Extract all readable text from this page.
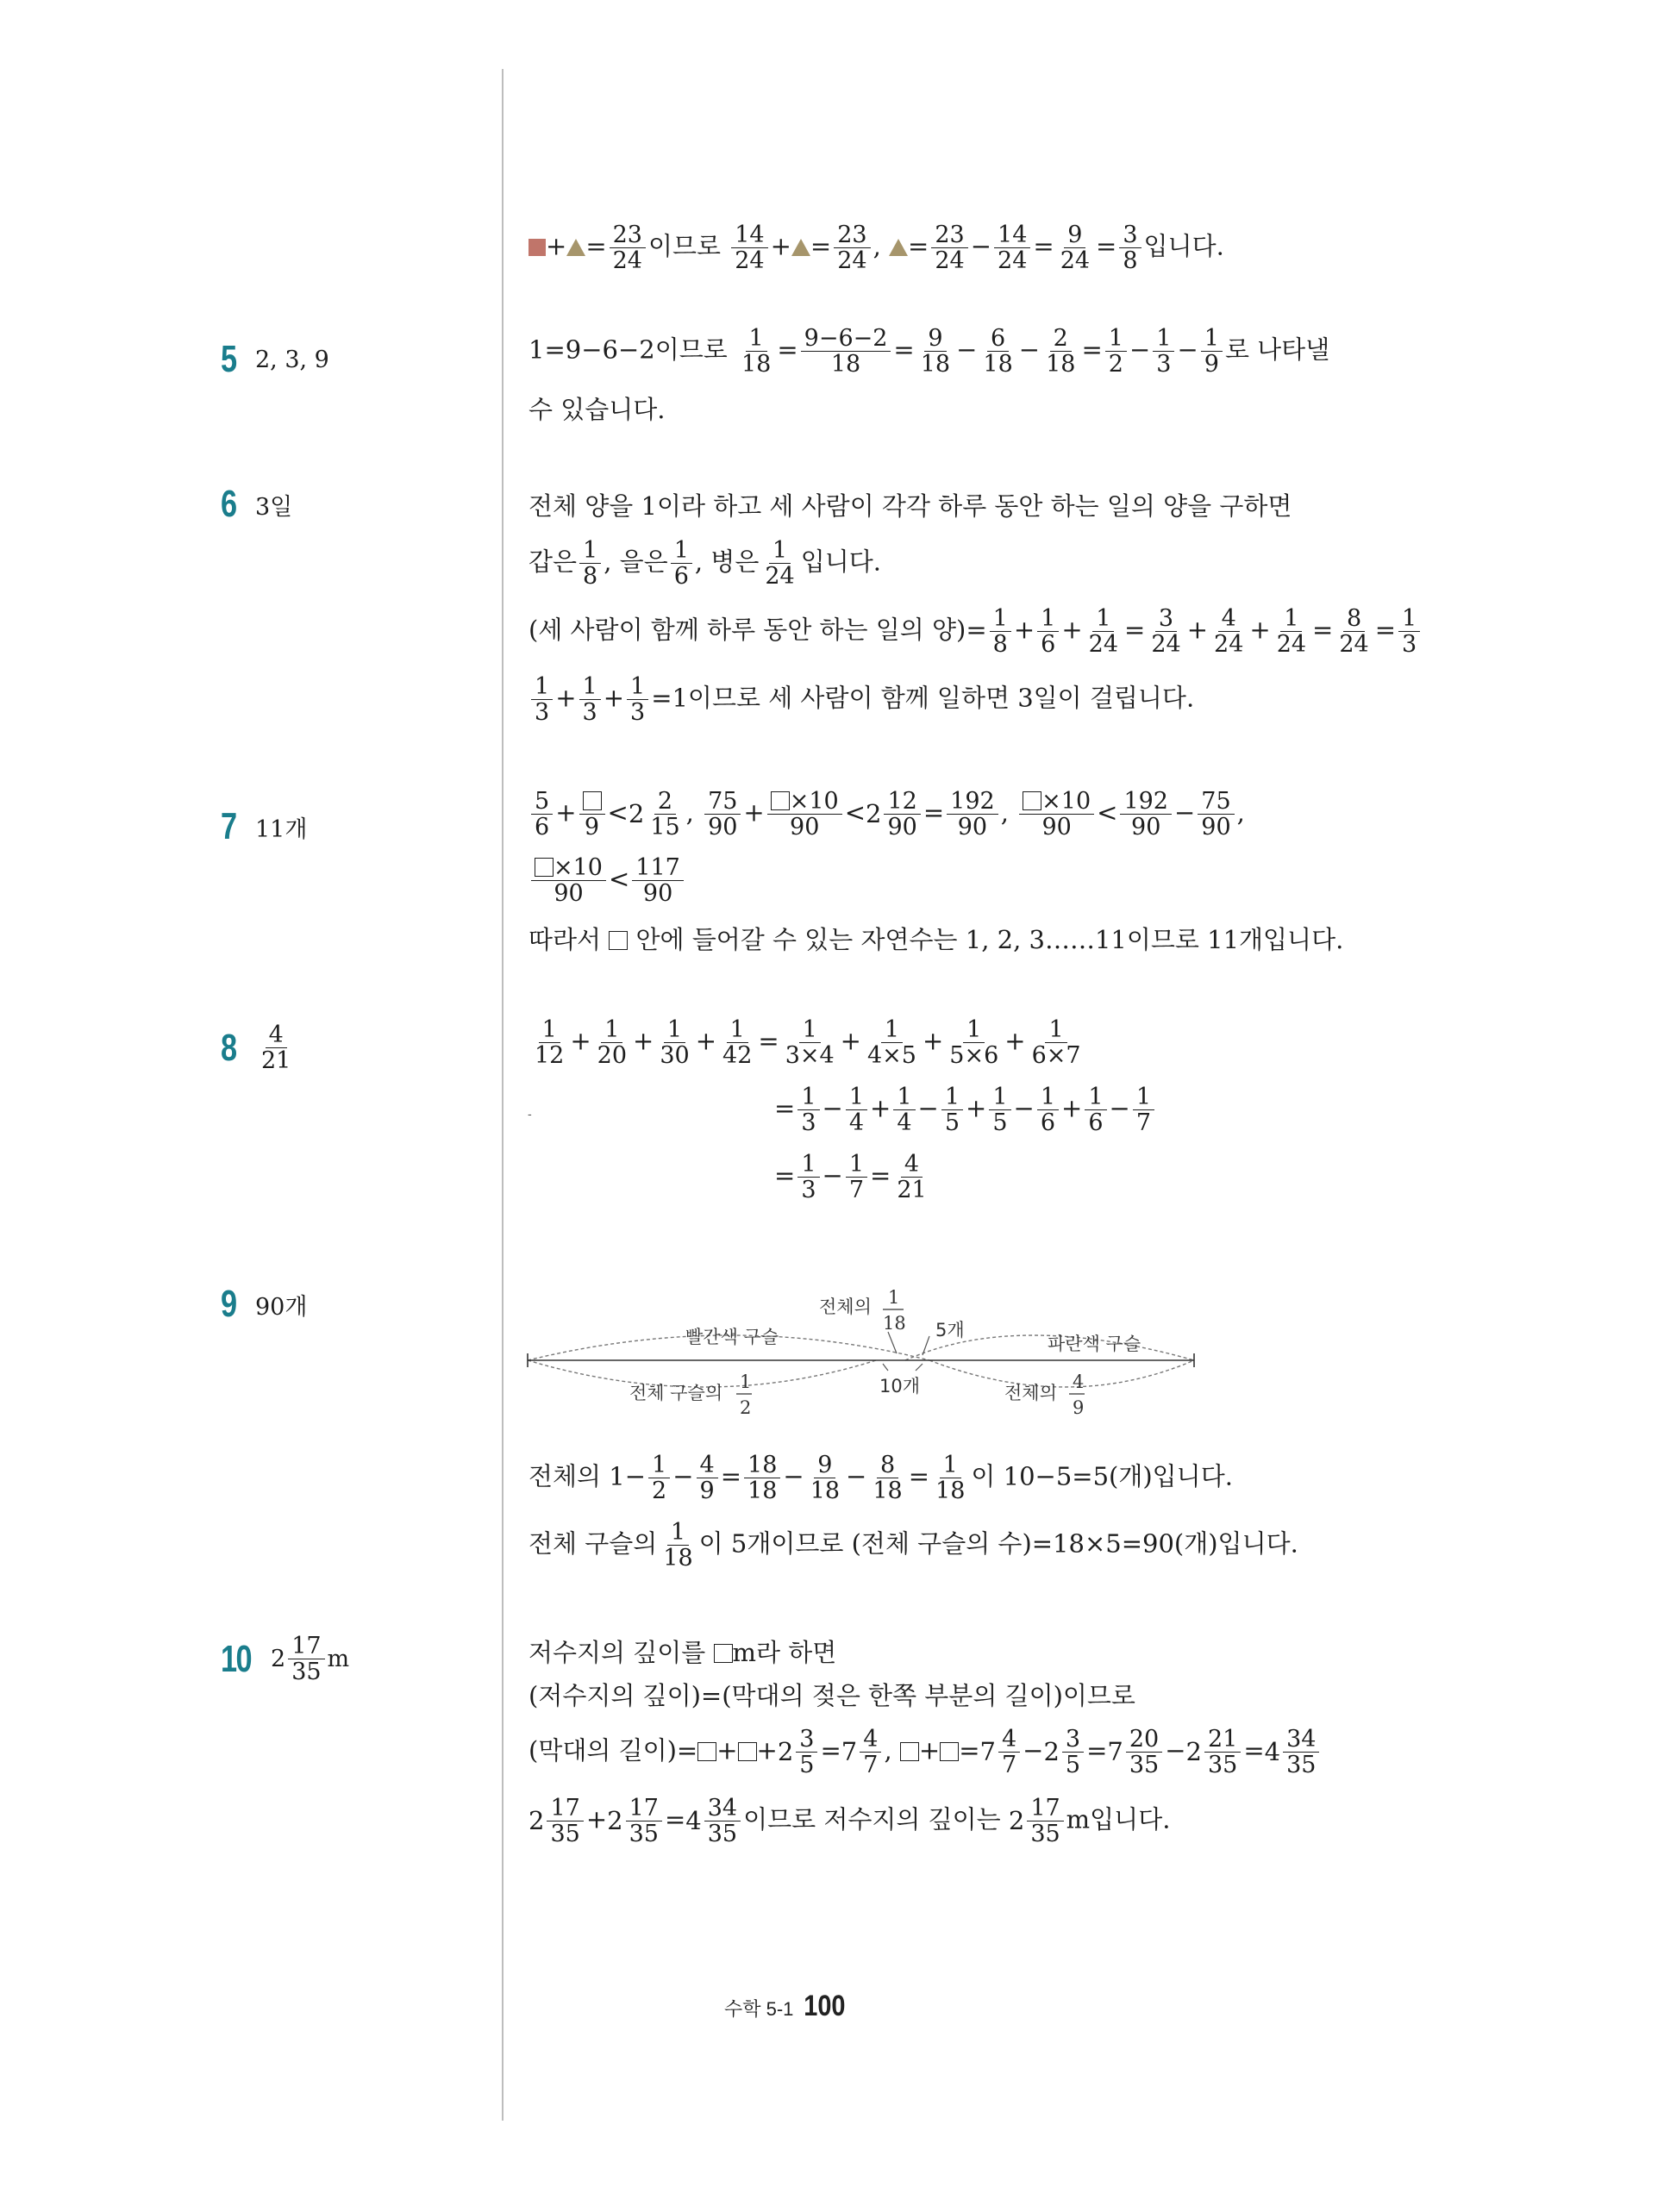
+ = $\frac{23}{24}$ 이므로 $\frac{14}{24}$ + = $\frac{23}{24}$ , = $\frac{23}{24} - \frac{14}{24} = \frac{9}{24} = \frac{3}{8}$ 입니다.
5 2, 3, 9	1=9−6−2이므로 $\frac{1}{18} = \frac{9-6-2}{18} = \frac{9}{18} - \frac{6}{18} - \frac{2}{18} = \frac{1}{2} - \frac{1}{3} - \frac{1}{9}$ 로 나타낼
수 있습니다.
6 3일	전체 양을 1이라 하고 세 사람이 각각 하루 동안 하는 일의 양을 구하면
갑은 $\frac{1}{8}$ , 을은 $\frac{1}{6}$ , 병은 $\frac{1}{24}$ 입니다.
(세 사람이 함께 하루 동안 하는 일의 양)= $\frac{1}{8} + \frac{1}{6} + \frac{1}{24} = \frac{3}{24} + \frac{4}{24} + \frac{1}{24} = \frac{8}{24} = \frac{1}{3}$
$\frac{1}{3} + \frac{1}{3} + \frac{1}{3} =1$이므로 세 사람이 함께 일하면 3일이 걸립니다.
7 11개	$\frac{5}{6} + 9 < 2$ 2
15 , $\frac{75}{90} + \frac{\times 10}{90} < 2$ 12
$90 = \frac{192}{90}$ , $\frac{\times 10}{90} < \frac{192}{90} - \frac{75}{90}$ ,
$\frac{\times 10}{90} < \frac{117}{90}$
따라서 안에 들어갈 수 있는 자연수는 1, 2, 3……11이므로 11개입니다.
8 4
21	$\frac{1}{12} + \frac{1}{20} + \frac{1}{30} + \frac{1}{42} = \frac{1}{3\times 4} + \frac{1}{4\times 5} + \frac{1}{5\times 6} + \frac{1}{6\times 7}$
-	= $\frac{1}{3} - \frac{1}{4} + \frac{1}{4} - \frac{1}{5} + \frac{1}{5} - \frac{1}{6} + \frac{1}{6} - \frac{1}{7}$
= $\frac{1}{3} - \frac{1}{7} = \frac{4}{21}$
9 90개
빨간색 구슬	파란색 구슬
전체의 1
18 5개
10개
전체 구슬의
1
2
전체의
4
9
전체의 $1- \frac{1}{2} - \frac{4}{9} = \frac{18}{18} - \frac{9}{18} - \frac{8}{18} = \frac{1}{18}$ 이 10−5=5(개)입니다.
전체 구슬의 $\frac{1}{18}$ 이 5개이므로 (전체 구슬의 수)=18×5=90(개)입니다.
10 2 17
35 m	저수지의 깊이를 m라 하면
(저수지의 깊이)=(막대의 젖은 한쪽 부분의 길이)이므로
(막대의 길이)= + + 2 3
5 = 7 4
7 , + = 7 4
7 − 2 3
5 = 7 20
35 − 2 21
35 = 4 34
35
2 17
35 + 2 17
35 = 4 34
35 이므로 저수지의 깊이는 2 17
35 m입니다.
수학 5-1 100
